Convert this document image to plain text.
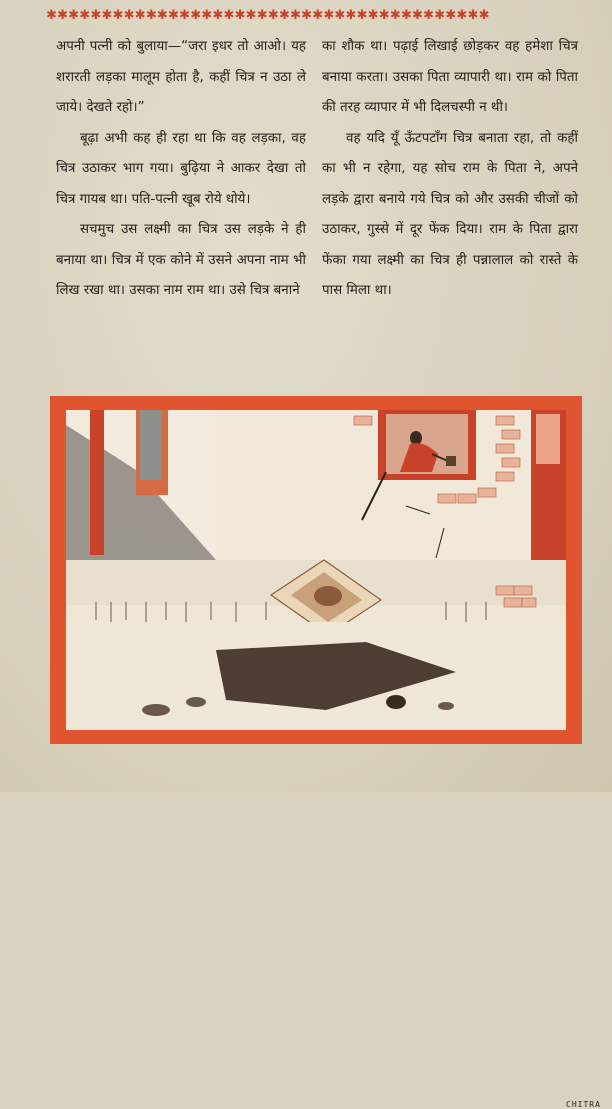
✱✱✱✱✱✱✱✱✱✱✱✱✱✱✱✱✱✱✱✱✱✱✱✱✱✱✱✱✱✱✱✱✱✱✱✱✱✱✱✱

अपनी पत्नी को बुलाया—“जरा इधर तो आओ। यह शरारती लड़का मालूम होता है, कहीं चित्र न उठा ले जाये। देखते रहो।”

बूढ़ा अभी कह ही रहा था कि वह लड़का, वह चित्र उठाकर भाग गया। बुढ़िया ने आकर देखा तो चित्र गायब था। पति-पत्नी खूब रोये धोये।

सचमुच उस लक्ष्मी का चित्र उस लड़के ने ही बनाया था। चित्र में एक कोने में उसने अपना नाम भी लिख रखा था। उसका नाम राम था। उसे चित्र बनाने

का शौक था। पढ़ाई लिखाई छोड़कर वह हमेशा चित्र बनाया करता। उसका पिता व्यापारी था। राम को पिता की तरह व्यापार में भी दिलचस्पी न थी।

वह यदि यूँ ऊँटपटाँग चित्र बनाता रहा, तो कहीं का भी न रहेगा, यह सोच राम के पिता ने, अपने लड़के द्वारा बनाये गये चित्र को और उसकी चीजों को उठाकर, गुस्से में दूर फेंक दिया। राम के पिता द्वारा फेंका गया लक्ष्मी का चित्र ही पन्नालाल को रास्ते के पास मिला था।

CHITRA
